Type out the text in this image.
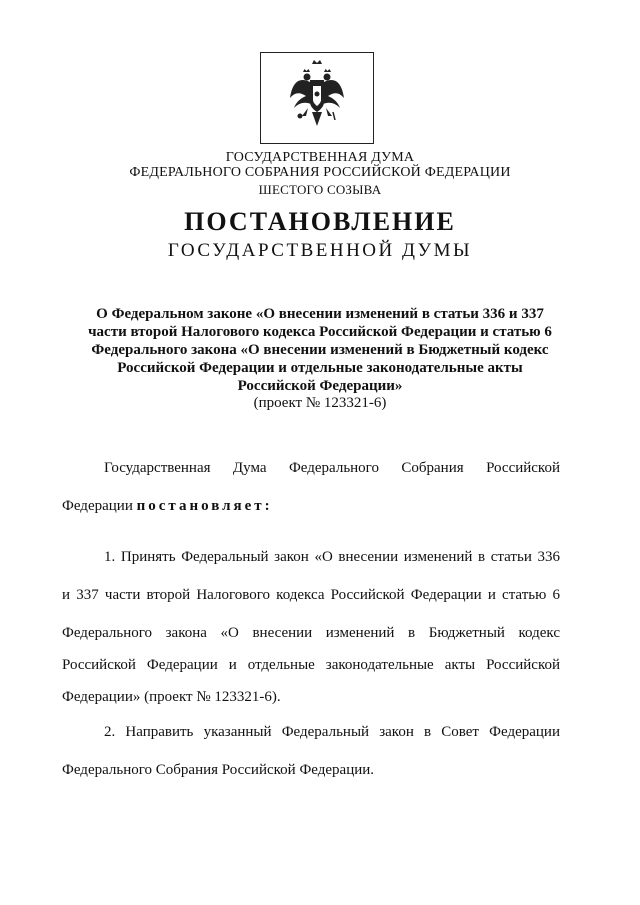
ГОСУДАРСТВЕННАЯ ДУМА
ФЕДЕРАЛЬНОГО СОБРАНИЯ РОССИЙСКОЙ ФЕДЕРАЦИИ
ШЕСТОГО СОЗЫВА
ПОСТАНОВЛЕНИЕ
ГОСУДАРСТВЕННОЙ ДУМЫ
О Федеральном законе «О внесении изменений в статьи 336 и 337
части второй Налогового кодекса Российской Федерации и статью 6
Федерального закона «О внесении изменений в Бюджетный кодекс
Российской Федерации и отдельные законодательные акты
Российской Федерации»
(проект № 123321-6)
Государственная Дума Федерального Собрания Российской
Федерации постановляет:
1. Принять Федеральный закон «О внесении изменений в статьи 336
и 337 части второй Налогового кодекса Российской Федерации и статью 6
Федерального закона «О внесении изменений в Бюджетный кодекс
Российской Федерации и отдельные законодательные акты Российской
Федерации» (проект № 123321-6).
2. Направить указанный Федеральный закон в Совет Федерации
Федерального Собрания Российской Федерации.
